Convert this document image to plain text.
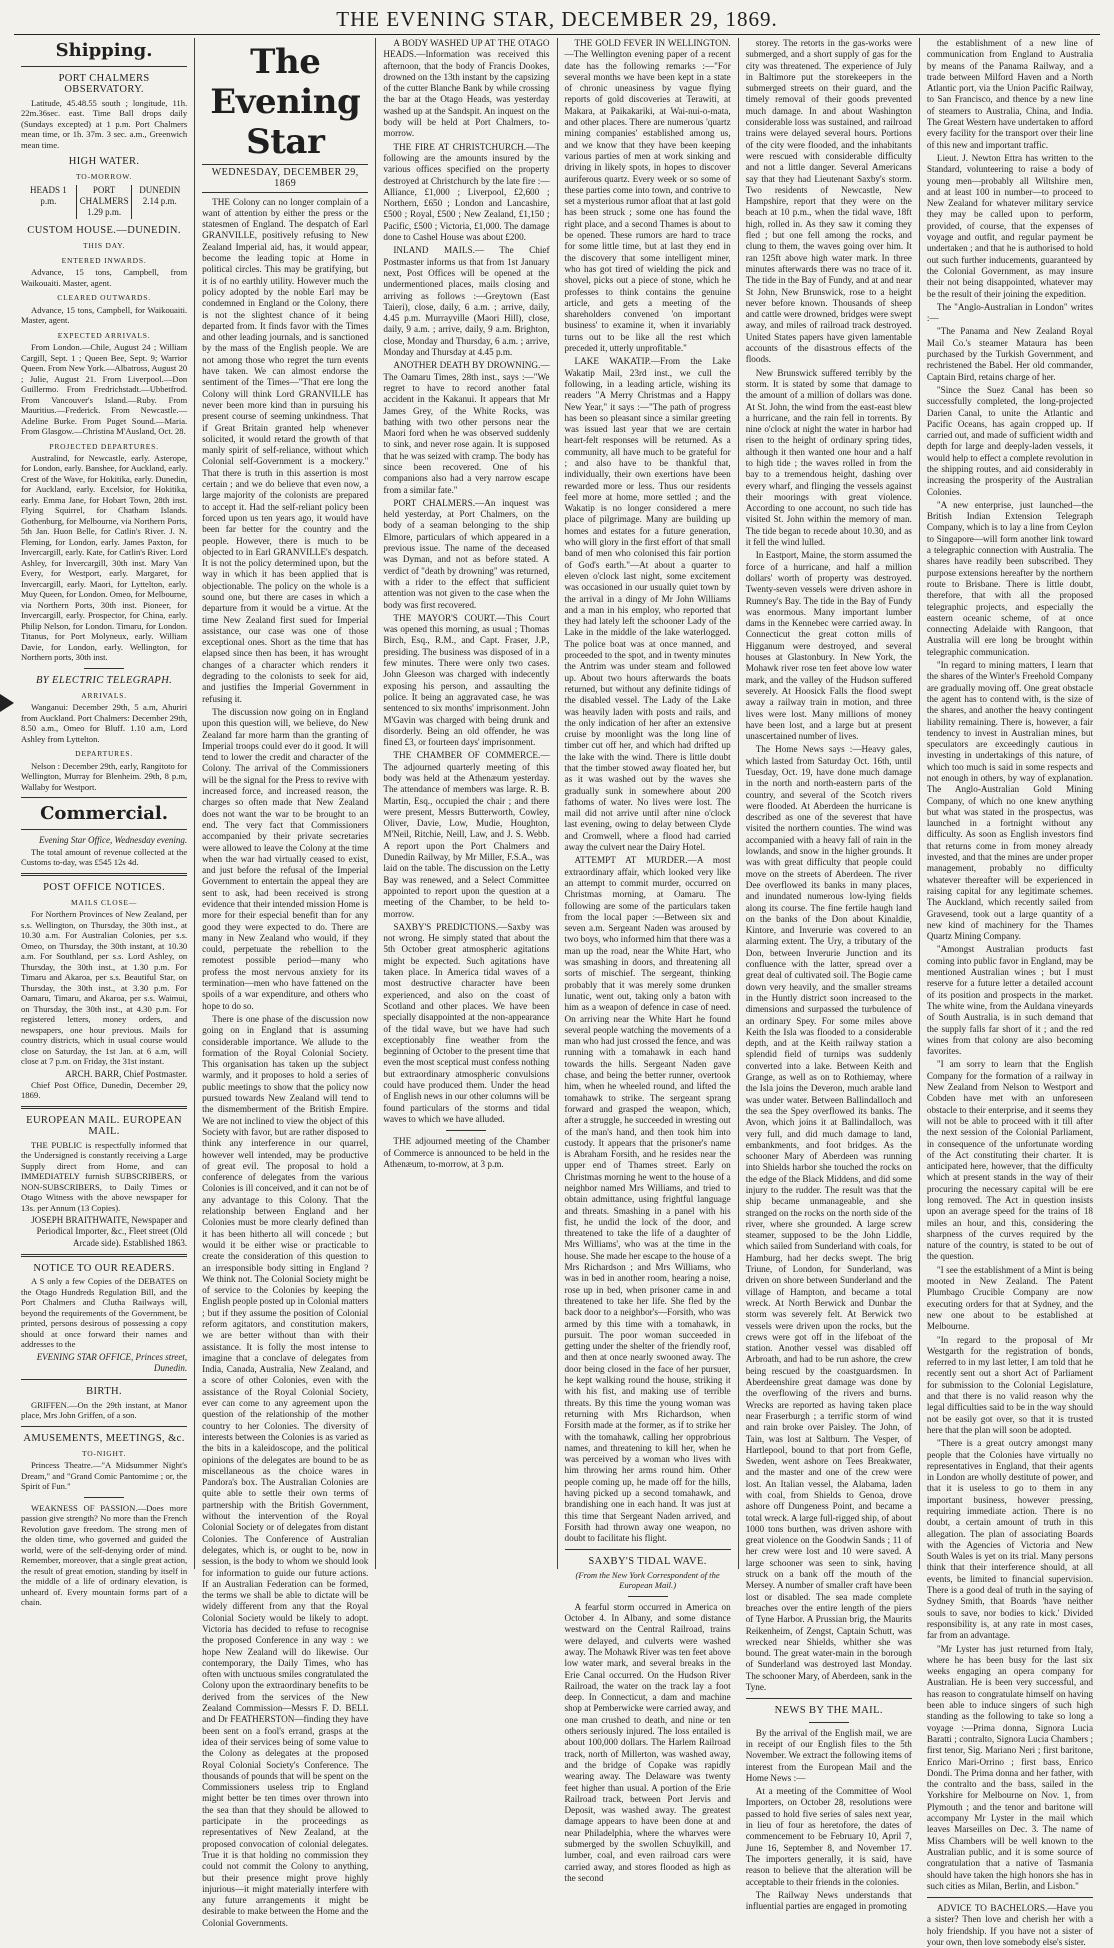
THE EVENING STAR, DECEMBER 29, 1869.
Shipping.
PORT CHALMERS OBSERVATORY.

Latitude, 45.48.55 south ; longitude, 11h. 22m.36sec. east. Time Ball drops daily (Sundays excepted) at 1 p.m. Port Chalmers mean time, or 1h. 37m. 3 sec. a.m., Greenwich mean time.

HIGH WATER.
TO-MORROW.
HEADS 1 p.m.
PORT CHALMERS 1.29 p.m.
DUNEDIN 2.14 p.m.
CUSTOM HOUSE.—DUNEDIN.
THIS DAY.
ENTERED INWARDS.

Advance, 15 tons, Campbell, from Waikouaiti. Master, agent.

CLEARED OUTWARDS.

Advance, 15 tons, Campbell, for Waikouaiti. Master, agent.

EXPECTED ARRIVALS.

From London.—Chile, August 24 ; William Cargill, Sept. 1 ; Queen Bee, Sept. 9; Warrior Queen. From New York.—Albatross, August 20 ; Julie, August 21. From Liverpool.—Don Guillermo. From Fredrichstadt.—Ubbetfrod. From Vancouver's Island.—Ruby. From Mauritius.—Frederick. From Newcastle.—Adeline Burke. From Puget Sound.—Maria. From Glasgow.—Christina M'Ausland, Oct. 28.

PROJECTED DEPARTURES.

Australind, for Newcastle, early. Asterope, for London, early. Banshee, for Auckland, early. Crest of the Wave, for Hokitika, early. Dunedin, for Auckland, early. Excelsior, for Hokitika, early. Emma Jane, for Hobart Town, 28th inst. Flying Squirrel, for Chatham Islands. Gothenburg, for Melbourne, via Northern Ports, 5th Jan. Huon Belle, for Catlin's River. J. N. Fleming, for London, early. James Paxton, for Invercargill, early. Kate, for Catlin's River. Lord Ashley, for Invercargill, 30th inst. Mary Van Every, for Westport, early. Margaret, for Invercargill, early. Maori, for Lyttelton, early. Muy Queen, for London. Omeo, for Melbourne, via Northern Ports, 30th inst. Pioneer, for Invercargill, early. Prospector, for China, early. Philip Nelson, for London. Timaru, for London. Titanus, for Port Molyneux, early. William Davie, for London, early. Wellington, for Northern ports, 30th inst.

BY ELECTRIC TELEGRAPH.
ARRIVALS.

Wanganui: December 29th, 5 a.m, Ahuriri from Auckland. Port Chalmers: December 29th, 8.50 a.m., Omeo for Bluff. 1.10 a.m, Lord Ashley from Lyttelton.

DEPARTURES.

Nelson : December 29th, early, Rangitoto for Wellington, Murray for Blenheim. 29th, 8 p.m, Wallaby for Westport.

Commercial.
Evening Star Office, Wednesday evening.

The total amount of revenue collected at the Customs to-day, was £545 12s 4d.

POST OFFICE NOTICES.
MAILS CLOSE—

For Northern Provinces of New Zealand, per s.s. Wellington, on Thursday, the 30th inst., at 10.30 a.m. For Australian Colonies, per s.s. Omeo, on Thursday, the 30th instant, at 10.30 a.m. For Southland, per s.s. Lord Ashley, on Thursday, the 30th inst., at 1.30 p.m. For Timaru and Akaroa, per s.s. Beautiful Star, on Thursday, the 30th inst., at 3.30 p.m. For Oamaru, Timaru, and Akaroa, per s.s. Waimui, on Thursday, the 30th inst., at 4.30 p.m. For registered letters, money orders, and newspapers, one hour previous. Mails for country districts, which in usual course would close on Saturday, the 1st Jan. at 6 a.m, will close at 7 p.m. on Friday, the 31st instant.

ARCH. BARR, Chief Postmaster.

Chief Post Office, Dunedin, December 29, 1869.

EUROPEAN MAIL. EUROPEAN MAIL.

THE PUBLIC is respectfully informed that the Undersigned is constantly receiving a Large Supply direct from Home, and can IMMEDIATELY furnish SUBSCRIBERS, or NON-SUBSCRIBERS, to Daily Times or Otago Witness with the above newspaper for 13s. per Annum (13 Copies).

JOSEPH BRAITHWAITE, Newspaper and Periodical Importer, &c., Fleet street (Old Arcade side). Established 1863.
NOTICE TO OUR READERS.

A S only a few Copies of the DEBATES on the Otago Hundreds Regulation Bill, and the Port Chalmers and Clutha Railways will, beyond the requirements of the Government, be printed, persons desirous of possessing a copy should at once forward their names and addresses to the

EVENING STAR OFFICE, Princes street, Dunedin.
BIRTH.

GRIFFEN.—On the 29th instant, at Manor place, Mrs John Griffen, of a son.

AMUSEMENTS, MEETINGS, &c.
TO-NIGHT.

Princess Theatre.—"A Midsummer Night's Dream," and "Grand Comic Pantomime ; or, the Spirit of Fun."

WEAKNESS OF PASSION.—Does more passion give strength? No more than the French Revolution gave freedom. The strong men of the olden time, who governed and guided the world, were of the self-denying order of mind. Remember, moreover, that a single great action, the result of great emotion, standing by itself in the middle of a life of ordinary elevation, is unheard of. Every mountain forms part of a chain.

The Evening Star
WEDNESDAY, DECEMBER 29, 1869

THE Colony can no longer complain of a want of attention by either the press or the statesmen of England. The despatch of Earl GRANVILLE, positively refusing to New Zealand Imperial aid, has, it would appear, become the leading topic at Home in political circles. This may be gratifying, but it is of no earthly utility. However much the policy adopted by the noble Earl may be condemned in England or the Colony, there is not the slightest chance of it being departed from. It finds favor with the Times and other leading journals, and is sanctioned by the mass of the English people. We are not among those who regret the turn events have taken. We can almost endorse the sentiment of the Times—"That ere long the Colony will think Lord GRANVILLE has never been more kind than in pursuing his present course of seeming unkindness. That if Great Britain granted help whenever solicited, it would retard the growth of that manly spirit of self-reliance, without which Colonial self-Government is a mockery." That there is truth in this assertion is most certain ; and we do believe that even now, a large majority of the colonists are prepared to accept it. Had the self-reliant policy been forced upon us ten years ago, it would have been far better for the country and the people. However, there is much to be objected to in Earl GRANVILLE's despatch. It is not the policy determined upon, but the way in which it has been applied that is objectionable. The policy on the whole is a sound one, but there are cases in which a departure from it would be a virtue. At the time New Zealand first sued for Imperial assistance, our case was one of those exceptional ones. Short as the time that has elapsed since then has been, it has wrought changes of a character which renders it degrading to the colonists to seek for aid, and justifies the Imperial Government in refusing it.

The discussion now going on in England upon this question will, we believe, do New Zealand far more harm than the granting of Imperial troops could ever do it good. It will tend to lower the credit and character of the Colony. The arrival of the Commissioners will be the signal for the Press to revive with increased force, and increased reason, the charges so often made that New Zealand does not want the war to be brought to an end. The very fact that Commissioners accompanied by their private secretaries were allowed to leave the Colony at the time when the war had virtually ceased to exist, and just before the refusal of the Imperial Government to entertain the appeal they are sent to ask, had been received is strong evidence that their intended mission Home is more for their especial benefit than for any good they were expected to do. There are many in New Zealand who would, if they could, perpetuate the rebellion to the remotest possible period—many who profess the most nervous anxiety for its termination—men who have fattened on the spoils of a war expenditure, and others who hope to do so.

There is one phase of the discussion now going on in England that is assuming considerable importance. We allude to the formation of the Royal Colonial Society. This organisation has taken up the subject warmly, and it proposes to hold a series of public meetings to show that the policy now pursued towards New Zealand will tend to the dismemberment of the British Empire. We are not inclined to view the object of this Society with favor, but are rather disposed to think any interference in our quarrel, however well intended, may be productive of great evil. The proposal to hold a conference of delegates from the various Colonies is ill conceived, and it can not be of any advantage to this Colony. That the relationship between England and her Colonies must be more clearly defined than it has been hitherto all will concede ; but would it be either wise or practicable to create the consideration of this question to an irresponsible body sitting in England ? We think not. The Colonial Society might be of service to the Colonies by keeping the English people posted up in Colonial matters ; but if they assume the position of Colonial reform agitators, and constitution makers, we are better without than with their assistance. It is folly the most intense to imagine that a conclave of delegates from India, Canada, Australia, New Zealand, and a score of other Colonies, even with the assistance of the Royal Colonial Society, ever can come to any agreement upon the question of the relationship of the mother country to her Colonies. The diversity of interests between the Colonies is as varied as the bits in a kaleidoscope, and the political opinions of the delegates are bound to be as miscellaneous as the choice wares in Pandora's box. The Australian Colonies are quite able to settle their own terms of partnership with the British Government, without the intervention of the Royal Colonial Society or of delegates from distant Colonies. The Conference of Australian delegates, which is, or ought to be, now in session, is the body to whom we should look for information to guide our future actions. If an Australian Federation can be formed, the terms we shall be able to dictate will be widely different from any that the Royal Colonial Society would be likely to adopt. Victoria has decided to refuse to recognise the proposed Conference in any way : we hope New Zealand will do likewise. Our contemporary, the Daily Times, who has often with unctuous smiles congratulated the Colony upon the extraordinary benefits to be derived from the services of the New Zealand Commission—Messrs F. D. BELL and Dr FEATHERSTON—finding they have been sent on a fool's errand, grasps at the idea of their services being of some value to the Colony as delegates at the proposed Royal Colonial Society's Conference. The thousands of pounds that will be spent on the Commissioners useless trip to England might better be ten times over thrown into the sea than that they should be allowed to participate in the proceedings as representatives of New Zealand, at the proposed convocation of colonial delegates. True it is that holding no commission they could not commit the Colony to anything, but their presence might prove highly injurious—it might materially interfere with any future arrangements it might be desirable to make between the Home and the Colonial Governments.

A BODY WASHED UP AT THE OTAGO HEADS.—Information was received this afternoon, that the body of Francis Dookes, drowned on the 13th instant by the capsizing of the cutter Blanche Bank by while crossing the bar at the Otago Heads, was yesterday washed up at the Sandspit. An inquest on the body will be held at Port Chalmers, to-morrow.

THE FIRE AT CHRISTCHURCH.—The following are the amounts insured by the various offices specified on the property destroyed at Christchurch by the late fire :—Alliance, £1,000 ; Liverpool, £2,600 ; Northern, £650 ; London and Lancashire, £500 ; Royal, £500 ; New Zealand, £1,150 ; Pacific, £500 ; Victoria, £1,000. The damage done to Cashel House was about £200.

INLAND MAILS.— The Chief Postmaster informs us that from 1st January next, Post Offices will be opened at the undermentioned places, mails closing and arriving as follows :—Greytown (East Taieri), close, daily, 6 a.m. ; arrive, daily, 4.45 p.m. Murrayville (Maori Hill), close, daily, 9 a.m. ; arrive, daily, 9 a.m. Brighton, close, Monday and Thursday, 6 a.m. ; arrive, Monday and Thursday at 4.45 p.m.

ANOTHER DEATH BY DROWNING.—The Oamaru Times, 28th inst., says :—"We regret to have to record another fatal accident in the Kakanui. It appears that Mr James Grey, of the White Rocks, was bathing with two other persons near the Maori ford when he was observed suddenly to sink, and never rose again. It is supposed that he was seized with cramp. The body has since been recovered. One of his companions also had a very narrow escape from a similar fate."

PORT CHALMERS.—An inquest was held yesterday, at Port Chalmers, on the body of a seaman belonging to the ship Elmore, particulars of which appeared in a previous issue. The name of the deceased was Dyman, and not as before stated. A verdict of "death by drowning" was returned, with a rider to the effect that sufficient attention was not given to the case when the body was first recovered.

THE MAYOR'S COURT.—This Court was opened this morning, as usual ; Thomas Birch, Esq., R.M., and Capt. Fraser, J.P., presiding. The business was disposed of in a few minutes. There were only two cases. John Gleeson was charged with indecently exposing his person, and assaulting the police. It being an aggravated case, he was sentenced to six months' imprisonment. John M'Gavin was charged with being drunk and disorderly. Being an old offender, he was fined £3, or fourteen days' imprisonment.

THE CHAMBER OF COMMERCE.—The adjourned quarterly meeting of this body was held at the Athenæum yesterday. The attendance of members was large. R. B. Martin, Esq., occupied the chair ; and there were present, Messrs Butterworth, Cowley, Oliver, Davie, Low, Mudie, Houghton, M'Neil, Ritchie, Neill, Law, and J. S. Webb. A report upon the Port Chalmers and Dunedin Railway, by Mr Miller, F.S.A., was laid on the table. The discussion on the Letty Bay was renewed, and a Select Committee appointed to report upon the question at a meeting of the Chamber, to be held to-morrow.

SAXBY'S PREDICTIONS.—Saxby was not wrong. He simply stated that about the 5th October great atmospheric agitations might be expected. Such agitations have taken place. In America tidal waves of a most destructive character have been experienced, and also on the coast of Scotland and other places. We have been specially disappointed at the non-appearance of the tidal wave, but we have had such exceptionably fine weather from the beginning of October to the present time that even the most sceptical must confess nothing but extraordinary atmospheric convulsions could have produced them. Under the head of English news in our other columns will be found particulars of the storms and tidal waves to which we have alluded.

THE adjourned meeting of the Chamber of Commerce is announced to be held in the Athenæum, to-morrow, at 3 p.m.

THE GOLD FEVER IN WELLINGTON.—The Wellington evening paper of a recent date has the following remarks :—"For several months we have been kept in a state of chronic uneasiness by vague flying reports of gold discoveries at Terawiti, at Makara, at Paikakariki, at Wai-nui-o-mata, and other places. There are numerous 'quartz mining companies' established among us, and we know that they have been keeping various parties of men at work sinking and driving in likely spots, in hopes to discover auriferous quartz. Every week or so some of these parties come into town, and contrive to set a mysterious rumor afloat that at last gold has been struck ; some one has found the right place, and a second Thames is about to be opened. These rumors are hard to trace for some little time, but at last they end in the discovery that some intelligent miner, who has got tired of wielding the pick and shovel, picks out a piece of stone, which he professes to think contains the genuine article, and gets a meeting of the shareholders convened 'on important business' to examine it, when it invariably turns out to be like all the rest which preceded it, utterly unprofitable."

LAKE WAKATIP.—From the Lake Wakatip Mail, 23rd inst., we cull the following, in a leading article, wishing its readers "A Merry Christmas and a Happy New Year," it says :—"The path of progress has been so pleasant since a similar greeting was issued last year that we are certain heart-felt responses will be returned. As a community, all have much to be grateful for ; and also have to be thankful that, individually, their own exertions have been rewarded more or less. Thus our residents feel more at home, more settled ; and the Wakatip is no longer considered a mere place of pilgrimage. Many are building up homes and estates for a future generation, who will glory in the first effort of that small band of men who colonised this fair portion of God's earth."—At about a quarter to eleven o'clock last night, some excitement was occasioned in our usually quiet town by the arrival in a dingy of Mr John Williams and a man in his employ, who reported that they had lately left the schooner Lady of the Lake in the middle of the lake waterlogged. The police boat was at once manned, and proceeded to the spot, and in twenty minutes the Antrim was under steam and followed up. About two hours afterwards the boats returned, but without any definite tidings of the disabled vessel. The Lady of the Lake was heavily laden with posts and rails, and the only indication of her after an extensive cruise by moonlight was the long line of timber cut off her, and which had drifted up the lake with the wind. There is little doubt that the timber stowed away floated her, but as it was washed out by the waves she gradually sunk in somewhere about 200 fathoms of water. No lives were lost. The mail did not arrive until after nine o'clock last evening, owing to delay between Clyde and Cromwell, where a flood had carried away the culvert near the Dairy Hotel.

ATTEMPT AT MURDER.—A most extraordinary affair, which looked very like an attempt to commit murder, occurred on Christmas morning, at Oamaru. The following are some of the particulars taken from the local paper :—Between six and seven a.m. Sergeant Naden was aroused by two boys, who informed him that there was a man up the road, near the White Hart, who was smashing in doors, and threatening all sorts of mischief. The sergeant, thinking probably that it was merely some drunken lunatic, went out, taking only a baton with him as a weapon of defence in case of need. On arriving near the White Hart he found several people watching the movements of a man who had just crossed the fence, and was running with a tomahawk in each hand towards the hills. Sergeant Naden gave chase, and being the better runner, overtook him, when he wheeled round, and lifted the tomahawk to strike. The sergeant sprang forward and grasped the weapon, which, after a struggle, he succeeded in wresting out of the man's hand, and then took him into custody. It appears that the prisoner's name is Abraham Forsith, and he resides near the upper end of Thames street. Early on Christmas morning he went to the house of a neighbor named Mrs Williams, and tried to obtain admittance, using frightful language and threats. Smashing in a panel with his fist, he undid the lock of the door, and threatened to take the life of a daughter of Mrs Williams', who was at the time in the house. She made her escape to the house of a Mrs Richardson ; and Mrs Williams, who was in bed in another room, hearing a noise, rose up in bed, when prisoner came in and threatened to take her life. She fled by the back door to a neighbor's—Forsith, who was armed by this time with a tomahawk, in pursuit. The poor woman succeeded in getting under the shelter of the friendly roof, and then at once nearly swooned away. The door being closed in the face of her pursuer, he kept walking round the house, striking it with his fist, and making use of terrible threats. By this time the young woman was returning with Mrs Richardson, when Forsith made at the former, as if to strike her with the tomahawk, calling her opprobrious names, and threatening to kill her, when he was perceived by a woman who lives with him throwing her arms round him. Other people coming up, he made off for the hills, having picked up a second tomahawk, and brandishing one in each hand. It was just at this time that Sergeant Naden arrived, and Forsith had thrown away one weapon, no doubt to facilitate his flight.

SAXBY'S TIDAL WAVE.
(From the New York Correspondent of the European Mail.)

A fearful storm occurred in America on October 4. In Albany, and some distance westward on the Central Railroad, trains were delayed, and culverts were washed away. The Mohawk River was ten feet above low water mark, and several breaks in the Erie Canal occurred. On the Hudson River Railroad, the water on the track lay a foot deep. In Connecticut, a dam and machine shop at Pemberwicke were carried away, and one man crushed to death, and nine or ten others seriously injured. The loss entailed is about 100,000 dollars. The Harlem Railroad track, north of Millerton, was washed away, and the bridge of Copake was rapidly wearing away. The Delaware was twenty feet higher than usual. A portion of the Erie Railroad track, between Port Jervis and Deposit, was washed away. The greatest damage appears to have been done at and near Philadelphia, where the wharves were submerged by the swollen Schuylkill, and lumber, coal, and even railroad cars were carried away, and stores flooded as high as the second

storey. The retorts in the gas-works were submerged, and a short supply of gas for the city was threatened. The experience of July in Baltimore put the storekeepers in the submerged streets on their guard, and the timely removal of their goods prevented much damage. In and about Washington considerable loss was sustained, and railroad trains were delayed several hours. Portions of the city were flooded, and the inhabitants were rescued with considerable difficulty and not a little danger. Several Americans say that they had Lieutenant Saxby's storm. Two residents of Newcastle, New Hampshire, report that they were on the beach at 10 p.m., when the tidal wave, 18ft high, rolled in. As they saw it coming they fled ; but one fell among the rocks, and clung to them, the waves going over him. It ran 125ft above high water mark. In three minutes afterwards there was no trace of it. The tide in the Bay of Fundy, and at and near St John, New Brunswick, rose to a height never before known. Thousands of sheep and cattle were drowned, bridges were swept away, and miles of railroad track destroyed. United States papers have given lamentable accounts of the disastrous effects of the floods.

New Brunswick suffered terribly by the storm. It is stated by some that damage to the amount of a million of dollars was done. At St. John, the wind from the east-east blew a hurricane, and the rain fell in torrents. By nine o'clock at night the water in harbor had risen to the height of ordinary spring tides, although it then wanted one hour and a half to high tide ; the waves rolled in from the bay to a tremendous height, dashing over every wharf, and flinging the vessels against their moorings with great violence. According to one account, no such tide has visited St. John within the memory of man. The tide began to recede about 10.30, and as it fell the wind lulled.

In Eastport, Maine, the storm assumed the force of a hurricane, and half a million dollars' worth of property was destroyed. Twenty-seven vessels were driven ashore in Rumney's Bay. The tide in the Bay of Fundy was enormous. Many important lumber dams in the Kennebec were carried away. In Connecticut the great cotton mills of Higganum were destroyed, and several houses at Glastonbury. In New York, the Mohawk river rose ten feet above low water mark, and the valley of the Hudson suffered severely. At Hoosick Falls the flood swept away a railway train in motion, and three lives were lost. Many millions of money have been lost, and a large but at present unascertained number of lives.

The Home News says :—Heavy gales, which lasted from Saturday Oct. 16th, until Tuesday, Oct. 19, have done much damage in the north and north-eastern parts of the country, and several of the Scotch rivers were flooded. At Aberdeen the hurricane is described as one of the severest that have visited the northern counties. The wind was accompanied with a heavy fall of rain in the lowlands, and snow in the higher grounds. It was with great difficulty that people could move on the streets of Aberdeen. The river Dee overflowed its banks in many places, and inundated numerous low-lying fields along its course. The fine fertile haugh land on the banks of the Don about Kinaldie, Kintore, and Inverurie was covered to an alarming extent. The Ury, a tributary of the Don, between Inverurie Junction and its confluence with the latter, spread over a great deal of cultivated soil. The Bogie came down very heavily, and the smaller streams in the Huntly district soon increased to the dimensions and surpassed the turbulence of an ordinary Spey. For some miles above Keith the Isla was flooded to a considerable depth, and at the Keith railway station a splendid field of turnips was suddenly converted into a lake. Between Keith and Grange, as well as on to Rothiemay, where the Isla joins the Deveron, much arable land was under water. Between Ballindalloch and the sea the Spey overflowed its banks. The Avon, which joins it at Ballindalloch, was very full, and did much damage to land, embankments, and foot bridges. As the schooner Mary of Aberdeen was running into Shields harbor she touched the rocks on the edge of the Black Middens, and did some injury to the rudder. The result was that the ship became unmanageable, and she stranged on the rocks on the north side of the river, where she grounded. A large screw steamer, supposed to be the John Liddle, which sailed from Sunderland with coals, for Hamburg, had her decks swept. The brig Triune, of London, for Sunderland, was driven on shore between Sunderland and the village of Hampton, and became a total wreck. At North Berwick and Dunbar the storm was severely felt. At Berwick two vessels were driven upon the rocks, but the crews were got off in the lifeboat of the station. Another vessel was disabled off Arbroath, and had to be run ashore, the crew being rescued by the coastguardsmen. In Aberdeenshire great damage was done by the overflowing of the rivers and burns. Wrecks are reported as having taken place near Fraserburgh ; a terrific storm of wind and rain broke over Paisley. The John, of Tain, was lost at Saltburn. The Vesper, of Hartlepool, bound to that port from Gefle, Sweden, went ashore on Tees Breakwater, and the master and one of the crew were lost. An Italian vessel, the Alabama, laden with coal, from Shields to Genoa, drove ashore off Dungeness Point, and became a total wreck. A large full-rigged ship, of about 1000 tons burthen, was driven ashore with great violence on the Goodwin Sands ; 11 of her crew were lost and 10 were saved. A large schooner was seen to sink, having struck on a bank off the mouth of the Mersey. A number of smaller craft have been lost or disabled. The sea made complete breaches over the entire length of the piers of Tyne Harbor. A Prussian brig, the Maurits Reikenheim, of Zengst, Captain Schutt, was wrecked near Shields, whither she was bound. The great water-main in the borough of Sunderland was destroyed last Monday. The schooner Mary, of Aberdeen, sank in the Tyne.

NEWS BY THE MAIL.

By the arrival of the English mail, we are in receipt of our English files to the 5th November. We extract the following items of interest from the European Mail and the Home News :—

At a meeting of the Committee of Wool Importers, on October 28, resolutions were passed to hold five series of sales next year, in lieu of four as heretofore, the dates of commencement to be February 10, April 7, June 16, September 8, and November 17. The importers generally, it is said, have reason to believe that the alteration will be acceptable to their friends in the colonies.

The Railway News understands that influential parties are engaged in promoting

the establishment of a new line of communication from England to Australia by means of the Panama Railway, and a trade between Milford Haven and a North Atlantic port, via the Union Pacific Railway, to San Francisco, and thence by a new line of steamers to Australia, China, and India. The Great Western have undertaken to afford every facility for the transport over their line of this new and important traffic.

Lieut. J. Newton Ettra has written to the Standard, volunteering to raise a body of young men—probably all Wiltshire men, and at least 100 in number—to proceed to New Zealand for whatever military service they may be called upon to perform, provided, of course, that the expenses of voyage and outfit, and regular payment be undertaken ; and that he is authorised to hold out such further inducements, guaranteed by the Colonial Government, as may insure their not being disappointed, whatever may be the result of their joining the expedition.

The "Anglo-Australian in London" writes :—

"The Panama and New Zealand Royal Mail Co.'s steamer Mataura has been purchased by the Turkish Government, and rechristened the Babel. Her old commander, Captain Bird, retains charge of her.

"Since the Suez Canal has been so successfully completed, the long-projected Darien Canal, to unite the Atlantic and Pacific Oceans, has again cropped up. If carried out, and made of sufficient width and depth for large and deeply-laden vessels, it would help to effect a complete revolution in the shipping routes, and aid considerably in increasing the prosperity of the Australian Colonies.

"A new enterprise, just launched—the British Indian Extension Telegraph Company, which is to lay a line from Ceylon to Singapore—will form another link toward a telegraphic connection with Australia. The shares have readily been subscribed. They purpose extensions hereafter by the northern route to Brisbane. There is little doubt, therefore, that with all the proposed telegraphic projects, and especially the eastern oceanic scheme, of at once connecting Adelaide with Rangoon, that Australia will ere long be brought within telegraphic communication.

"In regard to mining matters, I learn that the shares of the Winter's Freehold Company are gradually moving off. One great obstacle the agent has to contend with, is the size of the shares, and another the heavy contingent liability remaining. There is, however, a fair tendency to invest in Australian mines, but speculators are exceedingly cautious in investing in undertakings of this nature, of which too much is said in some respects and not enough in others, by way of explanation. The Anglo-Australian Gold Mining Company, of which no one knew anything but what was stated in the prospectus, was launched in a fortnight without any difficulty. As soon as English investors find that returns come in from money already invested, and that the mines are under proper management, probably no difficulty whatever thereafter will be experienced in raising capital for any legitimate schemes. The Auckland, which recently sailed from Gravesend, took out a large quantity of a new kind of machinery for the Thames Quartz Mining Company.

"Amongst Australian products fast coming into public favor in England, may be mentioned Australian wines ; but I must reserve for a future letter a detailed account of its position and prospects in the market. The white wine, from the Auldana vineyards of South Australia, is in such demand that the supply falls far short of it ; and the red wines from that colony are also becoming favorites.

"I am sorry to learn that the English Company for the formation of a railway in New Zealand from Nelson to Westport and Cobden have met with an unforeseen obstacle to their enterprise, and it seems they will not be able to proceed with it till after the next session of the Colonial Parliament, in consequence of the unfortunate wording of the Act constituting their charter. It is anticipated here, however, that the difficulty which at present stands in the way of their procuring the necessary capital will be ere long removed. The Act in question insists upon an average speed for the trains of 18 miles an hour, and this, considering the sharpness of the curves required by the nature of the country, is stated to be out of the question.

"I see the establishment of a Mint is being mooted in New Zealand. The Patent Plumbago Crucible Company are now executing orders for that at Sydney, and the new one about to be established at Melbourne.

"In regard to the proposal of Mr Westgarth for the registration of bonds, referred to in my last letter, I am told that he recently sent out a short Act of Parliament for submission to the Colonial Legislature, and that there is no valid reason why the legal difficulties said to be in the way should not be easily got over, so that it is trusted here that the plan will soon be adopted.

"There is a great outcry amongst many people that the Colonies have virtually no representatives in England, that their agents in London are wholly destitute of power, and that it is useless to go to them in any important business, however pressing, requiring immediate action. There is no doubt, a certain amount of truth in this allegation. The plan of associating Boards with the Agencies of Victoria and New South Wales is yet on its trial. Many persons think that their interference should, at all events, be limited to financial supervision. There is a good deal of truth in the saying of Sydney Smith, that Boards 'have neither souls to save, nor bodies to kick.' Divided responsibility is, at any rate in most cases, far from an advantage.

"Mr Lyster has just returned from Italy, where he has been busy for the last six weeks engaging an opera company for Australian. He is been very successful, and has reason to congratulate himself on having been able to induce singers of such high standing as the following to take so long a voyage :—Prima donna, Signora Lucia Baratti ; contralto, Signora Lucia Chambers ; first tenor, Sig. Mariano Neri ; first baritone, Enrico Mari-Orrino ; first bass, Enrico Dondi. The Prima donna and her father, with the contralto and the bass, sailed in the Yorkshire for Melbourne on Nov. 1, from Plymouth ; and the tenor and baritone will accompany Mr Lyster in the mail which leaves Marseilles on Dec. 3. The name of Miss Chambers will be well known to the Australian public, and it is some source of congratulation that a native of Tasmania should have taken the high honors she has in such cities as Milan, Berlin, and Lisbon."

ADVICE TO BACHELORS.—Have you a sister? Then love and cherish her with a holy friendship. If you have not a sister of your own, then love somebody else's sister.
